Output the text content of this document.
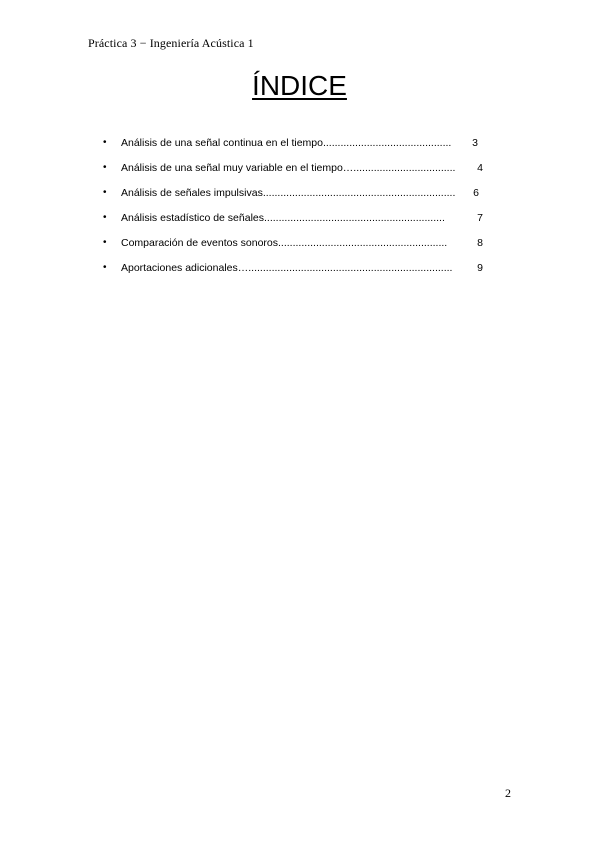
Práctica 3 − Ingeniería Acústica 1
ÍNDICE
•	Análisis de una señal continua en el tiempo............................................	3
•	Análisis de una señal muy variable en el tiempo…...................................	4
•	Análisis de señales impulsivas..................................................................	6
•	Análisis estadístico de señales..............................................................	7
•	Comparación de eventos sonoros..........................................................	8
•	Aportaciones adicionales…......................................................................	9
2
